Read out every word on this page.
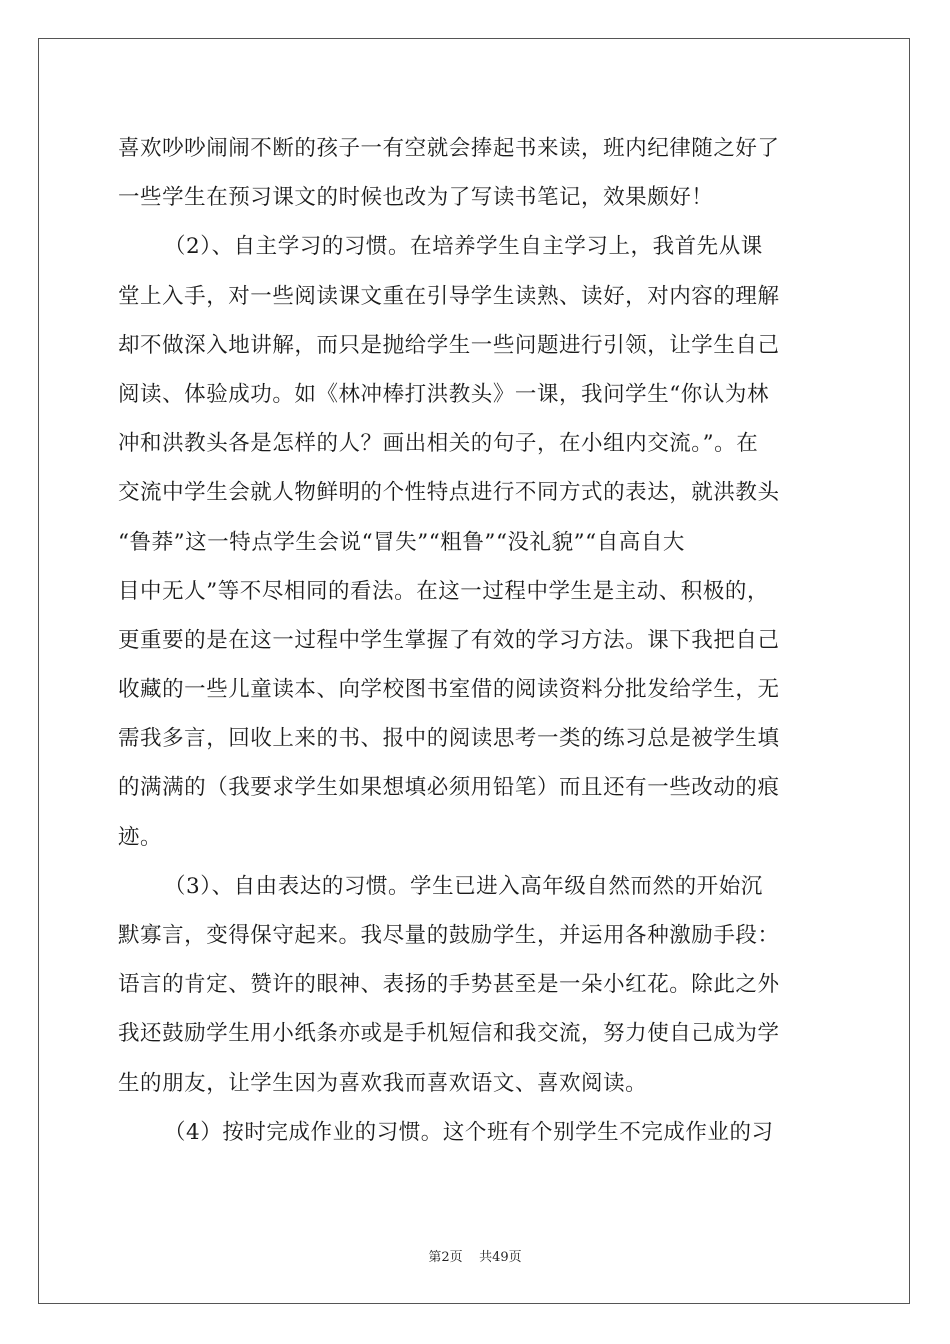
喜欢吵吵闹闹不断的孩子一有空就会捧起书来读，班内纪律随之好了
一些学生在预习课文的时候也改为了写读书笔记，效果颇好！
（2）、自主学习的习惯。在培养学生自主学习上，我首先从课
堂上入手，对一些阅读课文重在引导学生读熟、读好，对内容的理解
却不做深入地讲解，而只是抛给学生一些问题进行引领，让学生自己
阅读、体验成功。如《林冲棒打洪教头》一课，我问学生“你认为林
冲和洪教头各是怎样的人？画出相关的句子，在小组内交流。”。在
交流中学生会就人物鲜明的个性特点进行不同方式的表达，就洪教头
“鲁莽”这一特点学生会说“冒失”“粗鲁”“没礼貌”“自高自大
目中无人”等不尽相同的看法。在这一过程中学生是主动、积极的，
更重要的是在这一过程中学生掌握了有效的学习方法。课下我把自己
收藏的一些儿童读本、向学校图书室借的阅读资料分批发给学生，无
需我多言，回收上来的书、报中的阅读思考一类的练习总是被学生填
的满满的（我要求学生如果想填必须用铅笔）而且还有一些改动的痕
迹。
（3）、自由表达的习惯。学生已进入高年级自然而然的开始沉
默寡言，变得保守起来。我尽量的鼓励学生，并运用各种激励手段：
语言的肯定、赞许的眼神、表扬的手势甚至是一朵小红花。除此之外
我还鼓励学生用小纸条亦或是手机短信和我交流，努力使自己成为学
生的朋友，让学生因为喜欢我而喜欢语文、喜欢阅读。
（4）按时完成作业的习惯。这个班有个别学生不完成作业的习
第2页 共49页
